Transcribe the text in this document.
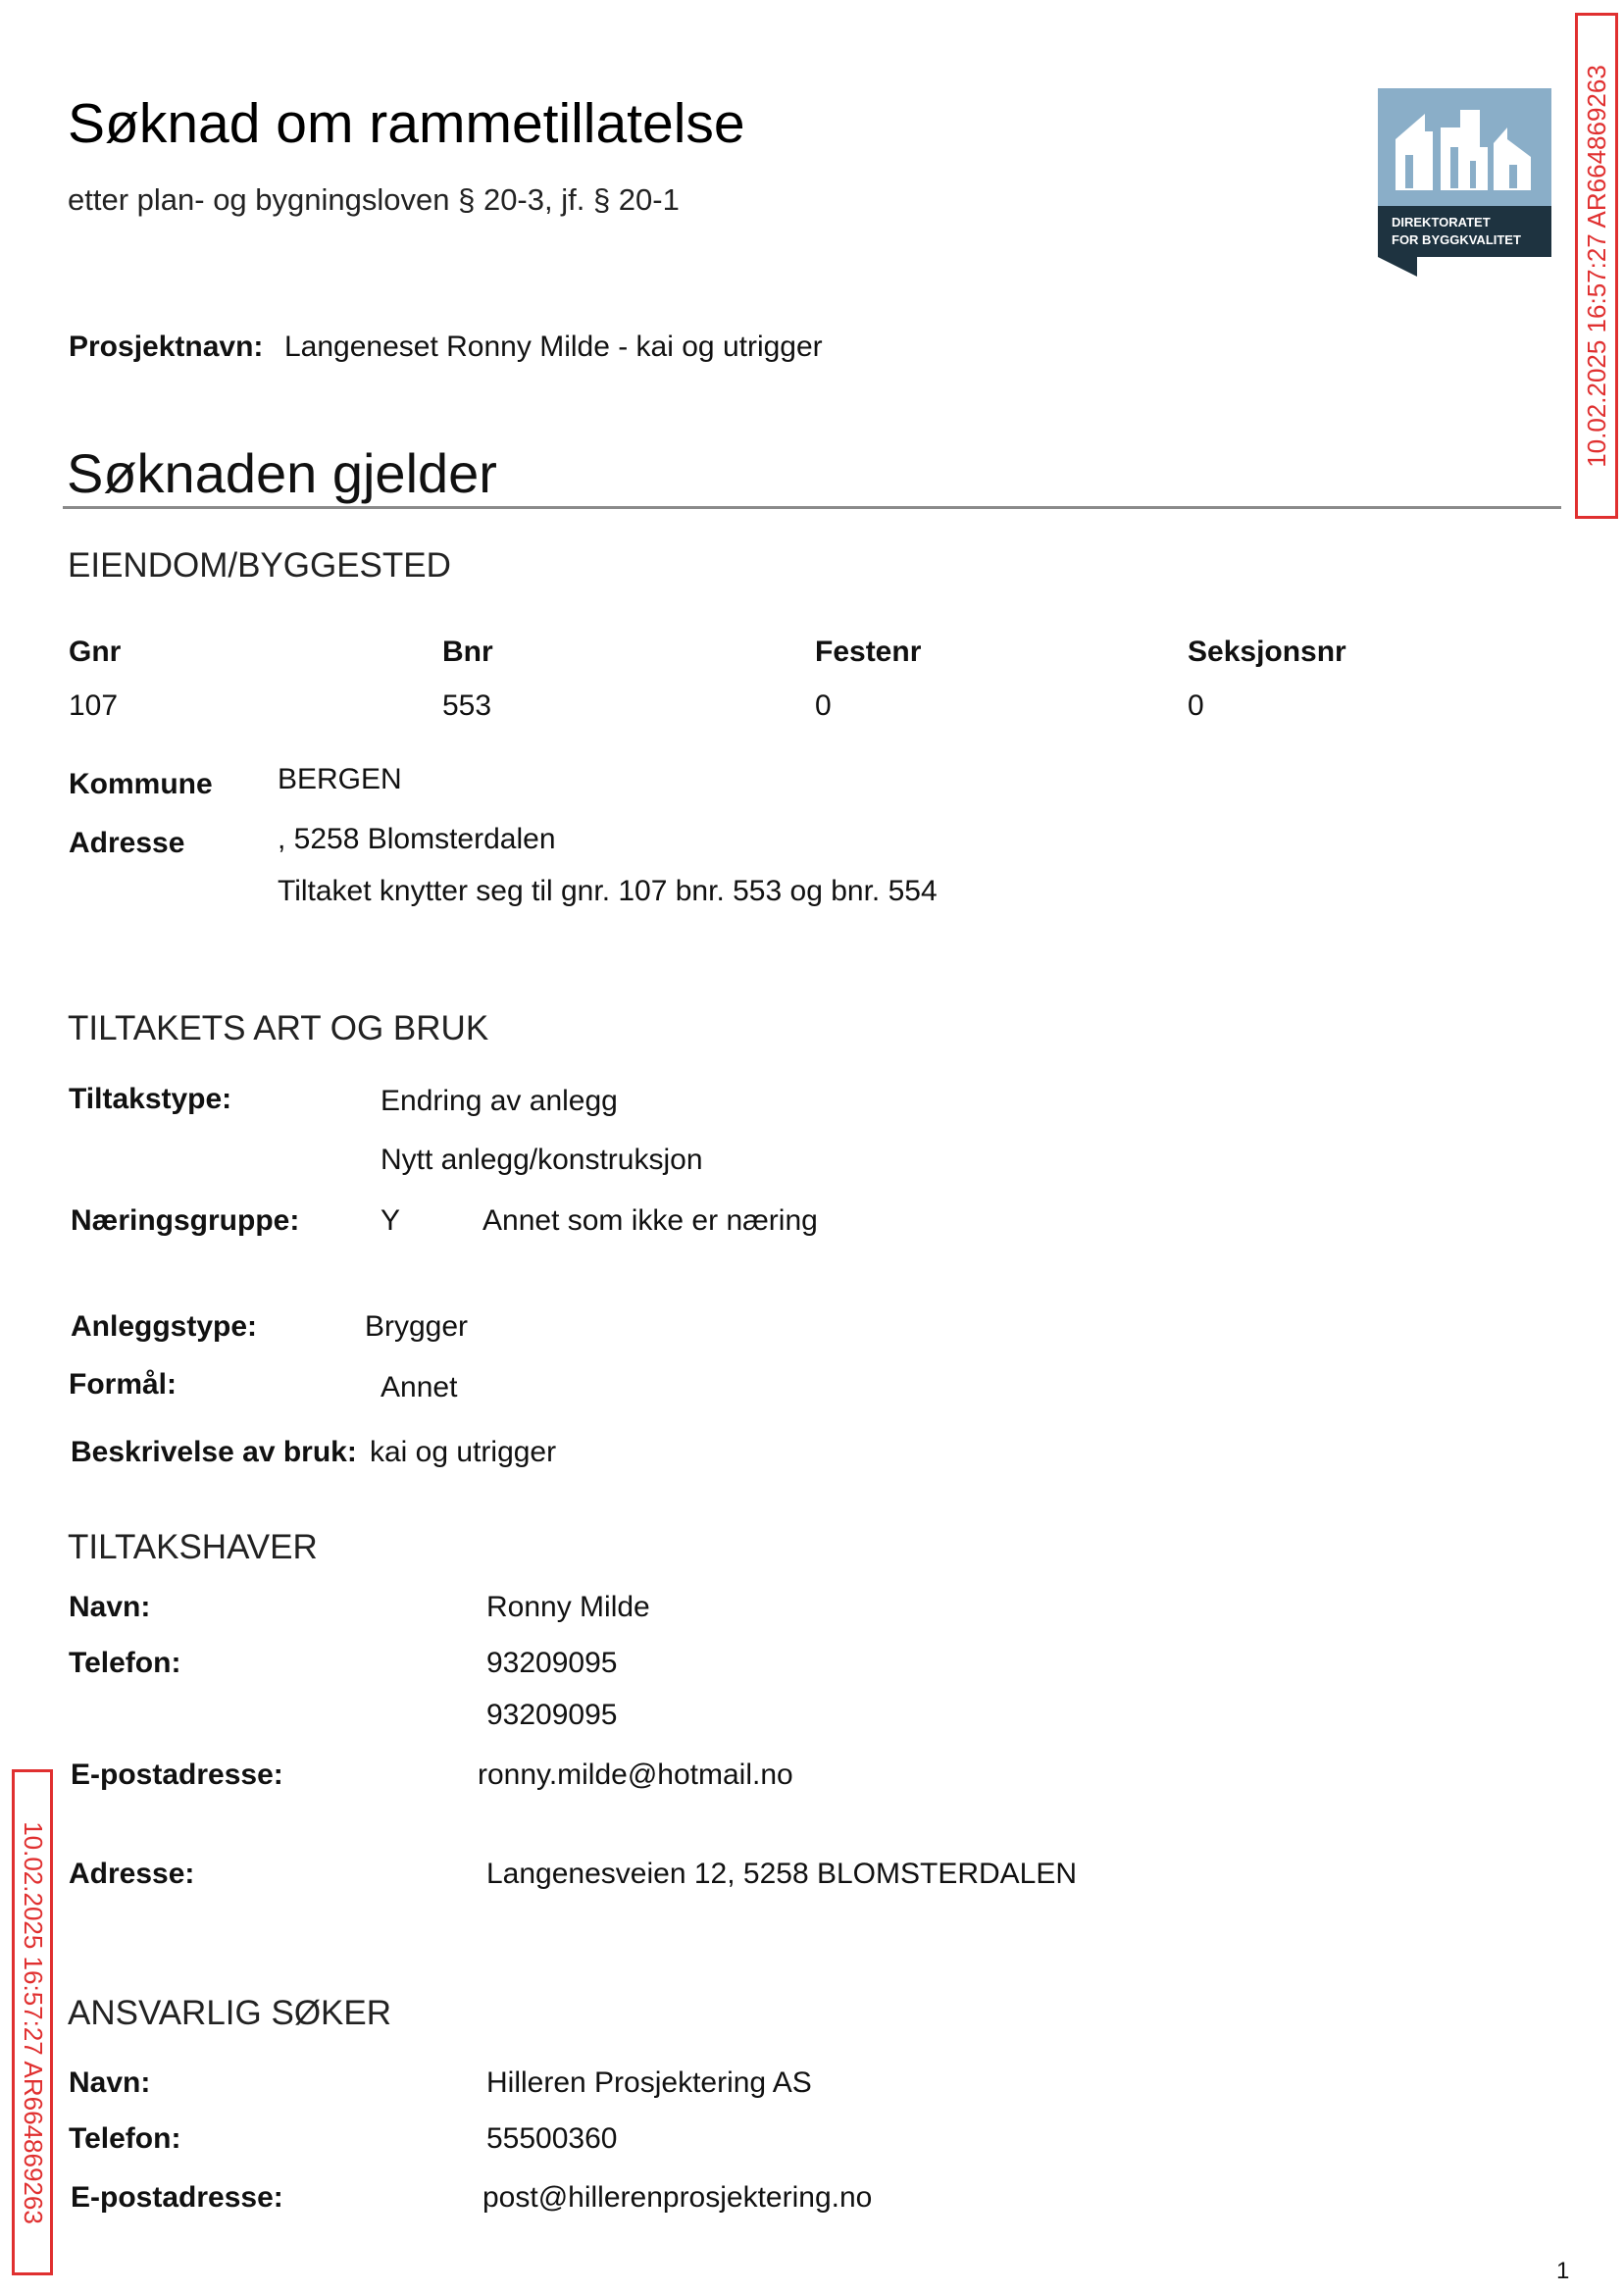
Søknad om rammetillatelse
etter plan- og bygningsloven § 20-3, jf. § 20-1
DIREKTORATET
FOR BYGGKVALITET 10.02.2025 16:57:27 AR664869263
10.02.2025 16:57:27 AR664869263
Prosjektnavn: Langeneset Ronny Milde - kai og utrigger
Søknaden gjelder
EIENDOM/BYGGESTED
Gnr	Bnr	Festenr	Seksjonsnr
107	553	0	0
Kommune BERGEN
Adresse	, 5258 Blomsterdalen
Tiltaket knytter seg til gnr. 107 bnr. 553 og bnr. 554
TILTAKETS ART OG BRUK
Tiltakstype:	Endring av anlegg
Nytt anlegg/konstruksjon
Næringsgruppe:	Y	Annet som ikke er næring
Anleggstype:	Brygger
Formål:	Annet
Beskrivelse av bruk: kai og utrigger
TILTAKSHAVER
Navn:	Ronny Milde
Telefon:	93209095
93209095
E-postadresse:	ronny.milde@hotmail.no
Adresse:	Langenesveien 12, 5258 BLOMSTERDALEN
ANSVARLIG SØKER
Navn:	Hilleren Prosjektering AS
Telefon:	55500360
E-postadresse:	post@hillerenprosjektering.no
1
